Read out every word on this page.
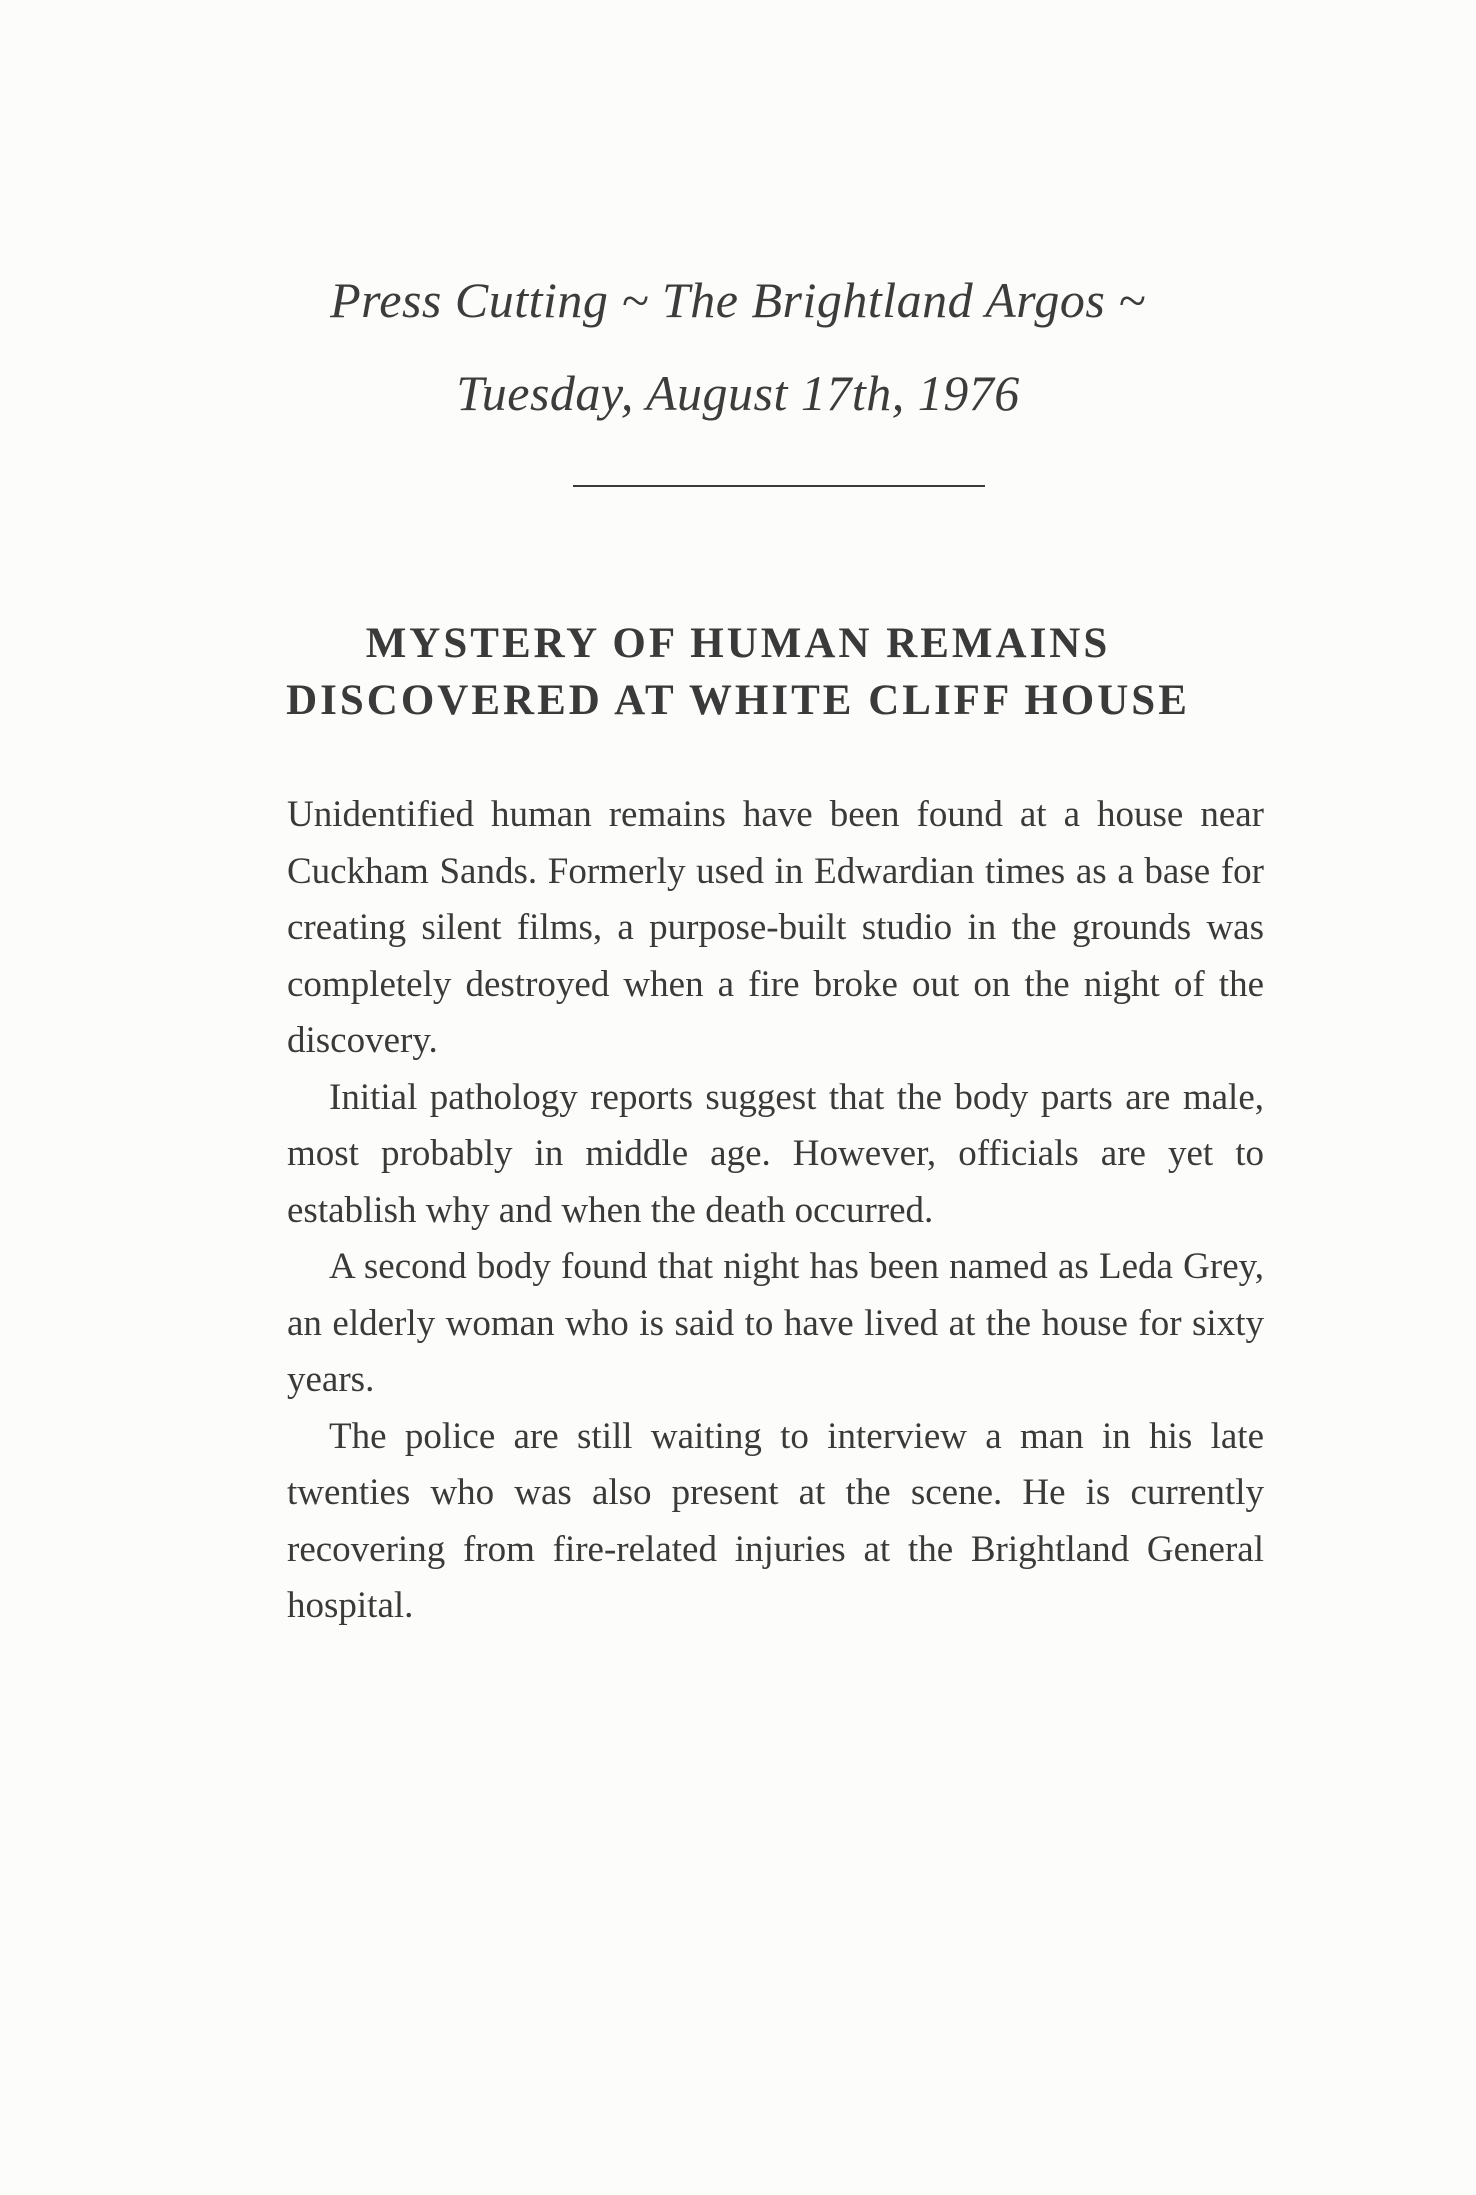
Press Cutting ~ The Brightland Argos ~
Tuesday, August 17th, 1976
MYSTERY OF HUMAN REMAINS
DISCOVERED AT WHITE CLIFF HOUSE

Unidentified human remains have been found at a house near Cuckham Sands. Formerly used in Edwardian times as a base for creating silent films, a purpose-built studio in the grounds was completely destroyed when a fire broke out on the night of the discovery.

Initial pathology reports suggest that the body parts are male, most probably in middle age. However, officials are yet to establish why and when the death occurred.

A second body found that night has been named as Leda Grey, an elderly woman who is said to have lived at the house for sixty years.

The police are still waiting to interview a man in his late twenties who was also present at the scene. He is currently recovering from fire-related injuries at the Brightland General hospital.
